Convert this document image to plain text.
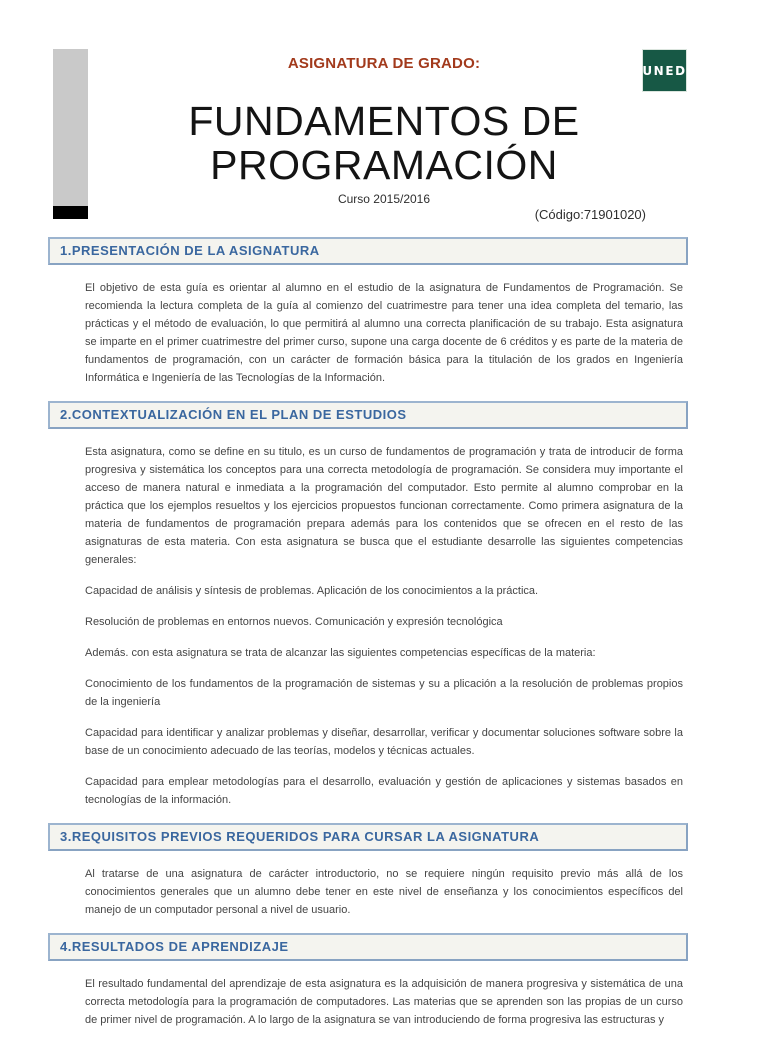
UNED
ASIGNATURA DE GRADO:
FUNDAMENTOS DE PROGRAMACIÓN
Curso 2015/2016
(Código:71901020)
1.PRESENTACIÓN DE LA ASIGNATURA

El objetivo de esta guía es orientar al alumno en el estudio de la asignatura de Fundamentos de Programación. Se recomienda la lectura completa de la guía al comienzo del cuatrimestre para tener una idea completa del temario, las prácticas y el método de evaluación, lo que permitirá al alumno una correcta planificación de su trabajo. Esta asignatura se imparte en el primer cuatrimestre del primer curso, supone una carga docente de 6 créditos y es parte de la materia de fundamentos de programación, con un carácter de formación básica para la titulación de los grados en Ingeniería Informática e Ingeniería de las Tecnologías de la Información.

2.CONTEXTUALIZACIÓN EN EL PLAN DE ESTUDIOS

Esta asignatura, como se define en su titulo, es un curso de fundamentos de programación y trata de introducir de forma progresiva y sistemática los conceptos para una correcta metodología de programación. Se considera muy importante el acceso de manera natural e inmediata a la programación del computador. Esto permite al alumno comprobar en la práctica que los ejemplos resueltos y los ejercicios propuestos funcionan correctamente. Como primera asignatura de la materia de fundamentos de programación prepara además para los contenidos que se ofrecen en el resto de las asignaturas de esta materia. Con esta asignatura se busca que el estudiante desarrolle las siguientes competencias generales:

Capacidad de análisis y síntesis de problemas. Aplicación de los conocimientos a la práctica.

Resolución de problemas en entornos nuevos. Comunicación y expresión tecnológica

Además. con esta asignatura se trata de alcanzar las siguientes competencias específicas de la materia:

Conocimiento de los fundamentos de la programación de sistemas y su a plicación a la resolución de problemas propios de la ingeniería

Capacidad para identificar y analizar problemas y diseñar, desarrollar, verificar y documentar soluciones software sobre la base de un conocimiento adecuado de las teorías, modelos y técnicas actuales.

Capacidad para emplear metodologías para el desarrollo, evaluación y gestión de aplicaciones y sistemas basados en tecnologías de la información.

3.REQUISITOS PREVIOS REQUERIDOS PARA CURSAR LA ASIGNATURA

Al tratarse de una asignatura de carácter introductorio, no se requiere ningún requisito previo más allá de los conocimientos generales que un alumno debe tener en este nivel de enseñanza y los conocimientos específicos del manejo de un computador personal a nivel de usuario.

4.RESULTADOS DE APRENDIZAJE

El resultado fundamental del aprendizaje de esta asignatura es la adquisición de manera progresiva y sistemática de una correcta metodología para la programación de computadores. Las materias que se aprenden son las propias de un curso de primer nivel de programación. A lo largo de la asignatura se van introduciendo de forma progresiva las estructuras y
